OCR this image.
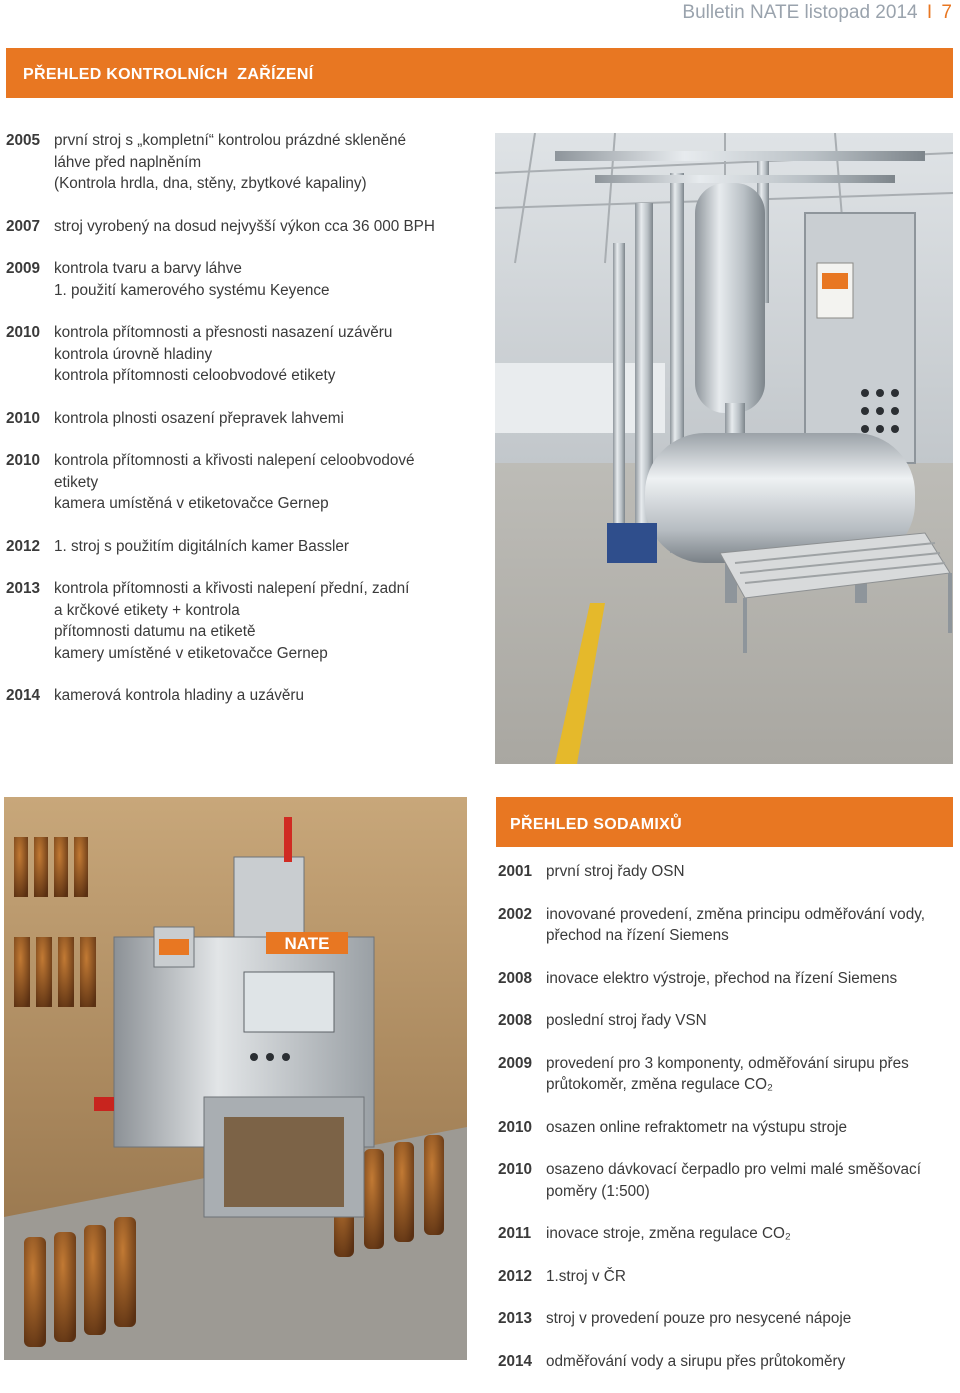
Bulletin NATE listopad 2014 I 7
PŘEHLED KONTROLNÍCH  ZAŘÍZENÍ
2005 první stroj s „kompletní“ kontrolou prázdné skleněné
láhve před naplněním
(Kontrola hrdla, dna, stěny, zbytkové kapaliny)
2007 stroj vyrobený na dosud nejvyšší výkon cca 36 000 BPH
2009 kontrola tvaru a barvy láhve
1. použití kamerového systému Keyence
2010 kontrola přítomnosti a přesnosti nasazení uzávěru
kontrola úrovně hladiny
kontrola přítomnosti celoobvodové etikety
2010 kontrola plnosti osazení přepravek lahvemi
2010 kontrola přítomnosti a křivosti nalepení celoobvodové
etikety
kamera umístěná v etiketovačce Gernep
2012 1. stroj s použitím digitálních kamer Bassler
2013 kontrola přítomnosti a křivosti nalepení přední, zadní
a krčkové etikety + kontrola
přítomnosti datumu na etiketě
kamery umístěné v etiketovačce Gernep
2014 kamerová kontrola hladiny a uzávěru
NATE
PŘEHLED SODAMIXŮ
2001 první stroj řady OSN
2002 inovované provedení, změna principu odměřování vody,
přechod na řízení Siemens
2008 inovace elektro výstroje, přechod na řízení Siemens
2008 poslední stroj řady VSN
2009 provedení pro 3 komponenty, odměřování sirupu přes
průtokoměr, změna regulace CO₂
2010 osazen online refraktometr na výstupu stroje
2010 osazeno dávkovací čerpadlo pro velmi malé směšovací
poměry (1:500)
2011 inovace stroje, změna regulace CO₂
2012 1.stroj v ČR
2013 stroj v provedení pouze pro nesycené nápoje
2014 odměřování vody a sirupu přes průtokoměry
